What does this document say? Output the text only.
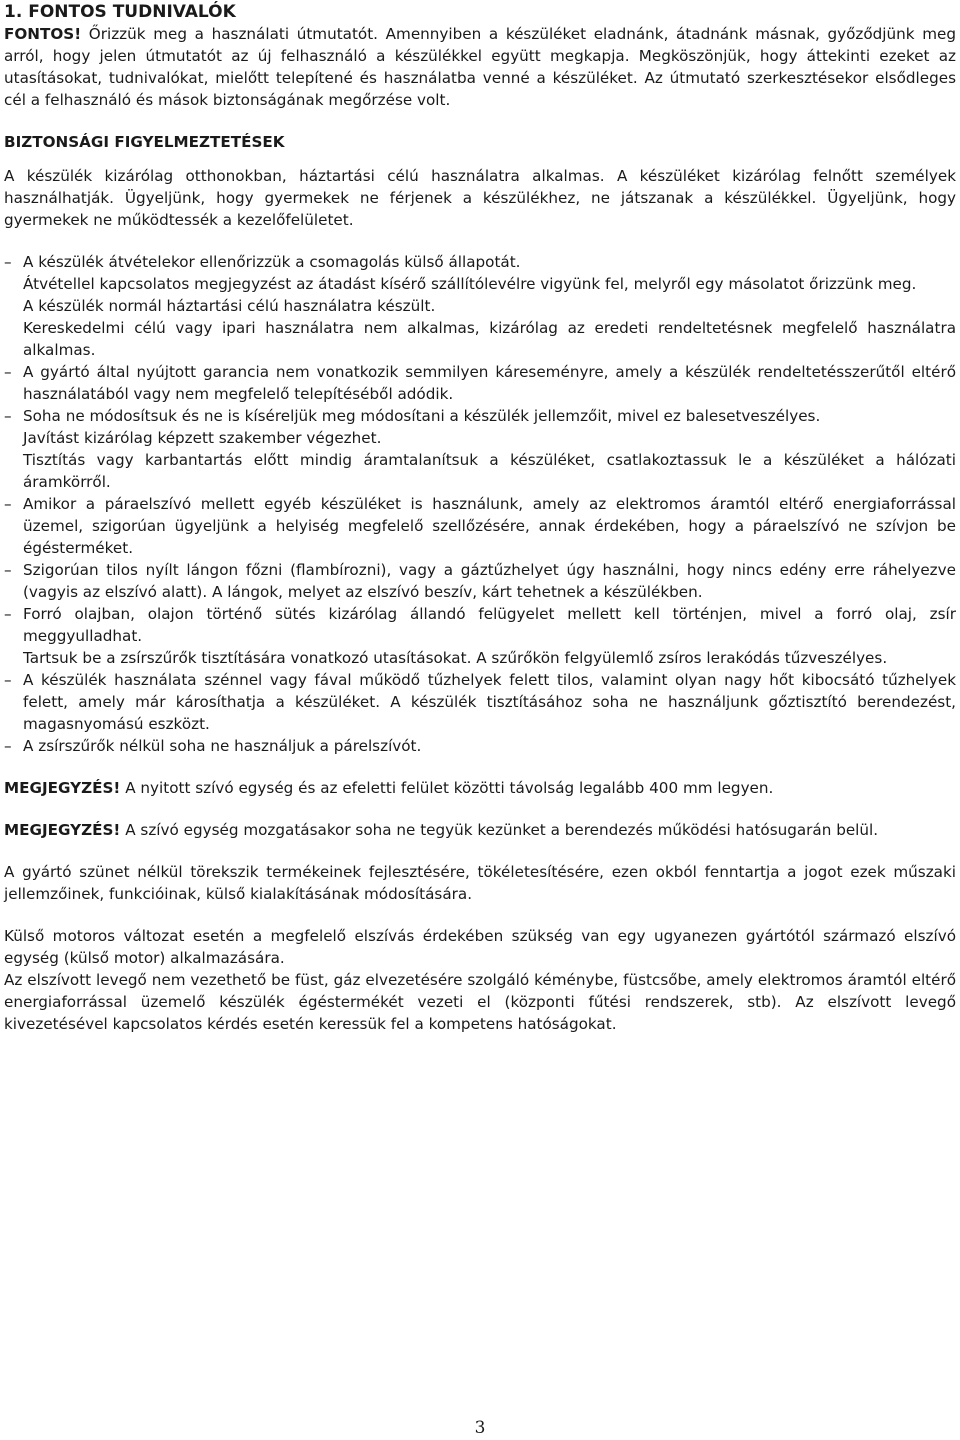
1. FONTOS TUDNIVALÓK

FONTOS! Őrizzük meg a használati útmutatót. Amennyiben a készüléket eladnánk, átadnánk másnak, győződjünk meg arról, hogy jelen útmutatót az új felhasználó a készülékkel együtt megkapja. Megköszönjük, hogy áttekinti ezeket az utasításokat, tudnivalókat, mielőtt telepítené és használatba venné a készüléket. Az útmutató szerkesztésekor elsődleges cél a felhasználó és mások biztonságának megőrzése volt.

BIZTONSÁGI FIGYELMEZTETÉSEK

A készülék kizárólag otthonokban, háztartási célú használatra alkalmas. A készüléket kizárólag felnőtt személyek használhatják. Ügyeljünk, hogy gyermekek ne férjenek a készülékhez, ne játszanak a készülékkel. Ügyeljünk, hogy gyermekek ne működtessék a kezelőfelületet.

– A készülék átvételekor ellenőrizzük a csomagolás külső állapotát.
Átvétellel kapcsolatos megjegyzést az átadást kísérő szállítólevélre vigyünk fel, melyről egy másolatot őrizzünk meg.
A készülék normál háztartási célú használatra készült.
Kereskedelmi célú vagy ipari használatra nem alkalmas, kizárólag az eredeti rendeltetésnek megfelelő használatra alkalmas.
– A gyártó által nyújtott garancia nem vonatkozik semmilyen káreseményre, amely a készülék rendeltetésszerűtől eltérő használatából vagy nem megfelelő telepítéséből adódik.
– Soha ne módosítsuk és ne is kíséreljük meg módosítani a készülék jellemzőit, mivel ez balesetveszélyes.
Javítást kizárólag képzett szakember végezhet.
Tisztítás vagy karbantartás előtt mindig áramtalanítsuk a készüléket, csatlakoztassuk le a készüléket a hálózati áramkörről.
– Amikor a páraelszívó mellett egyéb készüléket is használunk, amely az elektromos áramtól eltérő energiaforrással üzemel, szigorúan ügyeljünk a helyiség megfelelő szellőzésére, annak érdekében, hogy a páraelszívó ne szívjon be égésterméket.
– Szigorúan tilos nyílt lángon főzni (flambírozni), vagy a gáztűzhelyet úgy használni, hogy nincs edény erre ráhelyezve (vagyis az elszívó alatt). A lángok, melyet az elszívó beszív, kárt tehetnek a készülékben.
– Forró olajban, olajon történő sütés kizárólag állandó felügyelet mellett kell történjen, mivel a forró olaj, zsír meggyulladhat.
Tartsuk be a zsírszűrők tisztítására vonatkozó utasításokat. A szűrőkön felgyülemlő zsíros lerakódás tűzveszélyes.
– A készülék használata szénnel vagy fával működő tűzhelyek felett tilos, valamint olyan nagy hőt kibocsátó tűzhelyek felett, amely már károsíthatja a készüléket. A készülék tisztításához soha ne használjunk gőztisztító berendezést, magasnyomású eszközt.
– A zsírszűrők nélkül soha ne használjuk a párelszívót.

MEGJEGYZÉS! A nyitott szívó egység és az efeletti felület közötti távolság legalább 400 mm legyen.

MEGJEGYZÉS! A szívó egység mozgatásakor soha ne tegyük kezünket a berendezés működési hatósugarán belül.

A gyártó szünet nélkül törekszik termékeinek fejlesztésére, tökéletesítésére, ezen okból fenntartja a jogot ezek műszaki jellemzőinek, funkcióinak, külső kialakításának módosítására.

Külső motoros változat esetén a megfelelő elszívás érdekében szükség van egy ugyanezen gyártótól származó elszívó egység (külső motor) alkalmazására.

Az elszívott levegő nem vezethető be füst, gáz elvezetésére szolgáló kéménybe, füstcsőbe, amely elektromos áramtól eltérő energiaforrással üzemelő készülék égéstermékét vezeti el (központi fűtési rendszerek, stb). Az elszívott levegő kivezetésével kapcsolatos kérdés esetén keressük fel a kompetens hatóságokat.

3
